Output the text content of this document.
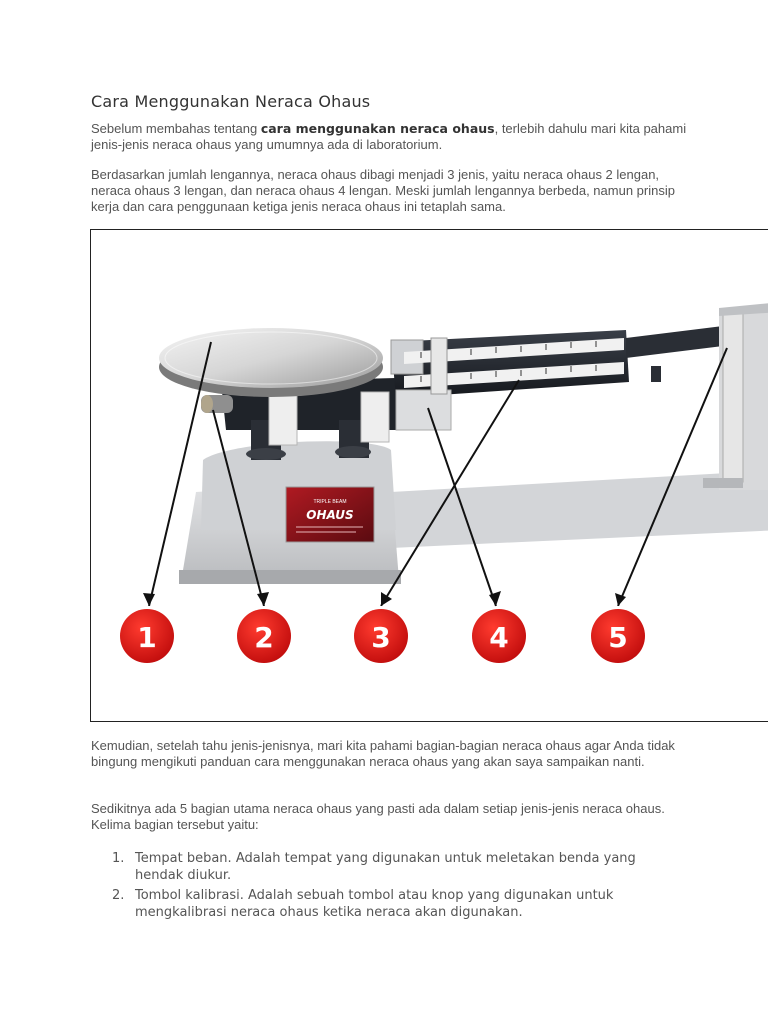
Cara Menggunakan Neraca Ohaus

Sebelum membahas tentang cara menggunakan neraca ohaus, terlebih dahulu mari kita pahami jenis-jenis neraca ohaus yang umumnya ada di laboratorium.

Berdasarkan jumlah lengannya, neraca ohaus dibagi menjadi 3 jenis, yaitu neraca ohaus 2 lengan, neraca ohaus 3 lengan, dan neraca ohaus 4 lengan. Meski jumlah lengannya berbeda, namun prinsip kerja dan cara penggunaan ketiga jenis neraca ohaus ini tetaplah sama.

TRIPLE BEAM
OHAUS
1	2	3	4	5

Kemudian, setelah tahu jenis-jenisnya, mari kita pahami bagian-bagian neraca ohaus agar Anda tidak bingung mengikuti panduan cara menggunakan neraca ohaus yang akan saya sampaikan nanti.

Sedikitnya ada 5 bagian utama neraca ohaus yang pasti ada dalam setiap jenis-jenis neraca ohaus. Kelima bagian tersebut yaitu:

1. Tempat beban. Adalah tempat yang digunakan untuk meletakan benda yang hendak diukur.
2. Tombol kalibrasi. Adalah sebuah tombol atau knop yang digunakan untuk mengkalibrasi neraca ohaus ketika neraca akan digunakan.
